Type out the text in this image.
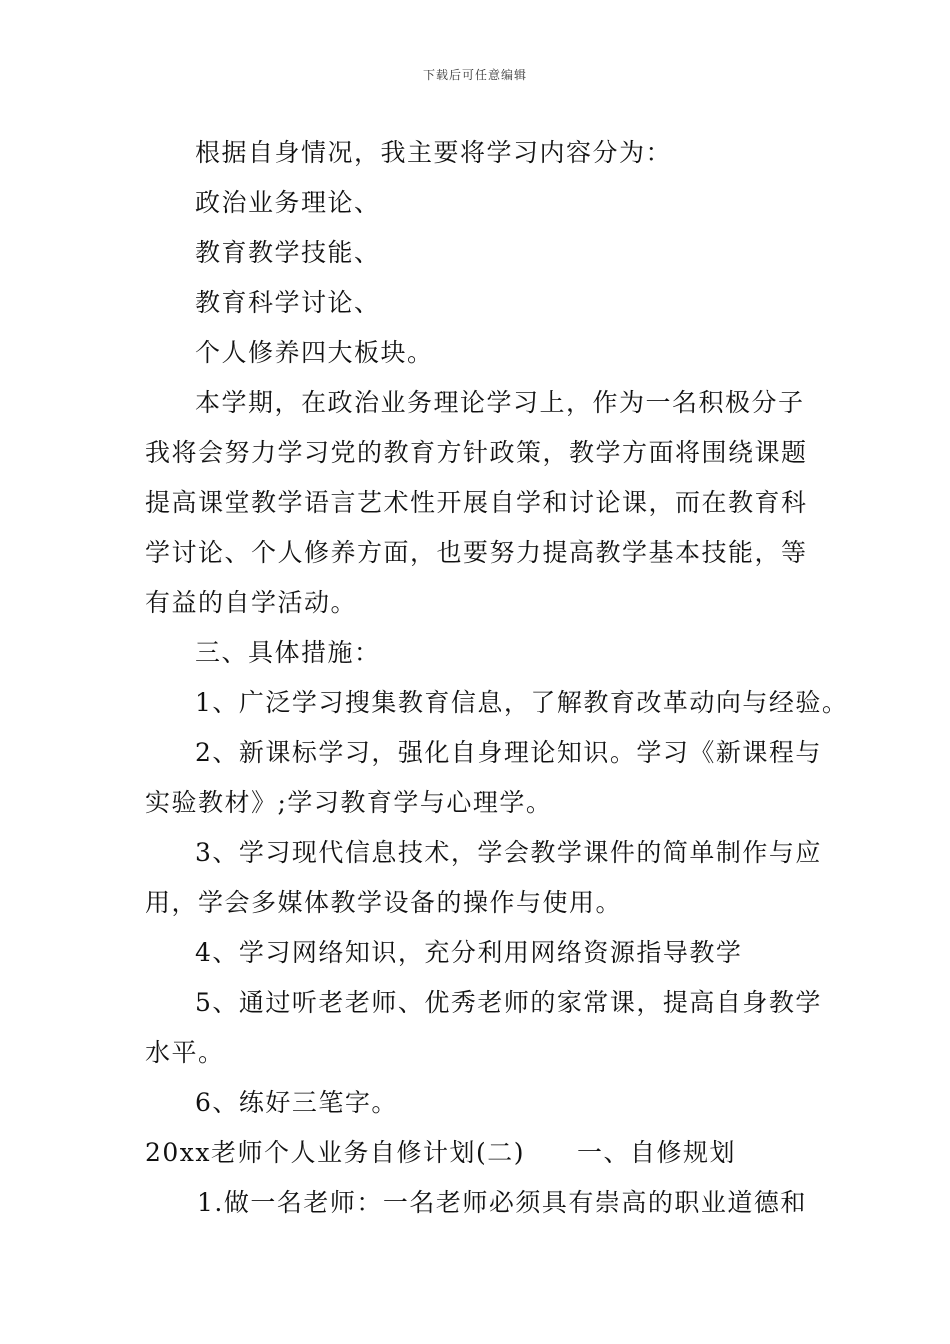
下载后可任意编辑
根据自身情况，我主要将学习内容分为：
政治业务理论、
教育教学技能、
教育科学讨论、
个人修养四大板块。
本学期，在政治业务理论学习上，作为一名积极分子
我将会努力学习党的教育方针政策，教学方面将围绕课题
提高课堂教学语言艺术性开展自学和讨论课，而在教育科
学讨论、个人修养方面，也要努力提高教学基本技能，等
有益的自学活动。
三、具体措施：
1、广泛学习搜集教育信息，了解教育改革动向与经验。
2、新课标学习，强化自身理论知识。学习《新课程与
实验教材》;学习教育学与心理学。
3、学习现代信息技术，学会教学课件的简单制作与应
用，学会多媒体教学设备的操作与使用。
4、学习网络知识，充分利用网络资源指导教学
5、通过听老老师、优秀老师的家常课，提高自身教学
水平。
6、练好三笔字。
20xx老师个人业务自修计划(二) 一、自修规划
1.做一名老师：一名老师必须具有崇高的职业道德和
